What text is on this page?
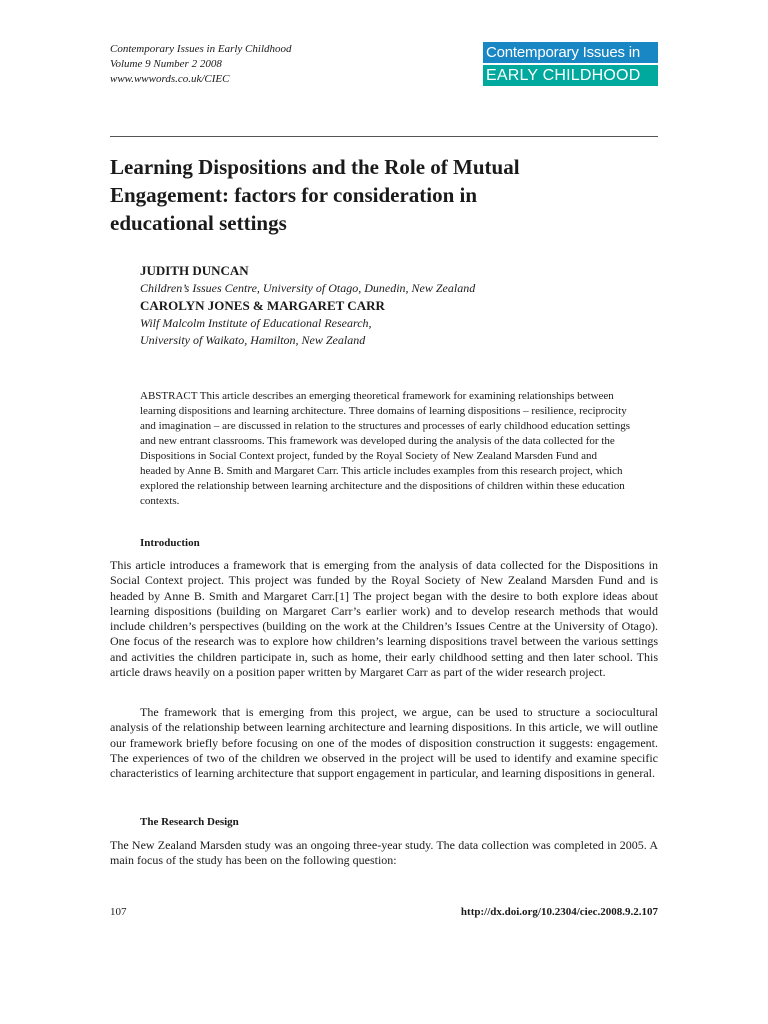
Contemporary Issues in Early Childhood
Volume 9 Number 2 2008
www.wwwords.co.uk/CIEC
Contemporary Issues in
EARLY CHILDHOOD
Learning Dispositions and the Role of Mutual Engagement: factors for consideration in educational settings
JUDITH DUNCAN
Children’s Issues Centre, University of Otago, Dunedin, New Zealand
CAROLYN JONES & MARGARET CARR
Wilf Malcolm Institute of Educational Research,
University of Waikato, Hamilton, New Zealand
ABSTRACT This article describes an emerging theoretical framework for examining relationships between learning dispositions and learning architecture. Three domains of learning dispositions – resilience, reciprocity and imagination – are discussed in relation to the structures and processes of early childhood education settings and new entrant classrooms. This framework was developed during the analysis of the data collected for the Dispositions in Social Context project, funded by the Royal Society of New Zealand Marsden Fund and headed by Anne B. Smith and Margaret Carr. This article includes examples from this research project, which explored the relationship between learning architecture and the dispositions of children within these education contexts.
Introduction

This article introduces a framework that is emerging from the analysis of data collected for the Dispositions in Social Context project. This project was funded by the Royal Society of New Zealand Marsden Fund and is headed by Anne B. Smith and Margaret Carr.[1] The project began with the desire to both explore ideas about learning dispositions (building on Margaret Carr’s earlier work) and to develop research methods that would include children’s perspectives (building on the work at the Children’s Issues Centre at the University of Otago). One focus of the research was to explore how children’s learning dispositions travel between the various settings and activities the children participate in, such as home, their early childhood setting and then later school. This article draws heavily on a position paper written by Margaret Carr as part of the wider research project.

The framework that is emerging from this project, we argue, can be used to structure a sociocultural analysis of the relationship between learning architecture and learning dispositions. In this article, we will outline our framework briefly before focusing on one of the modes of disposition construction it suggests: engagement. The experiences of two of the children we observed in the project will be used to identify and examine specific characteristics of learning architecture that support engagement in particular, and learning dispositions in general.

The Research Design

The New Zealand Marsden study was an ongoing three-year study. The data collection was completed in 2005. A main focus of the study has been on the following question:

107	http://dx.doi.org/10.2304/ciec.2008.9.2.107
